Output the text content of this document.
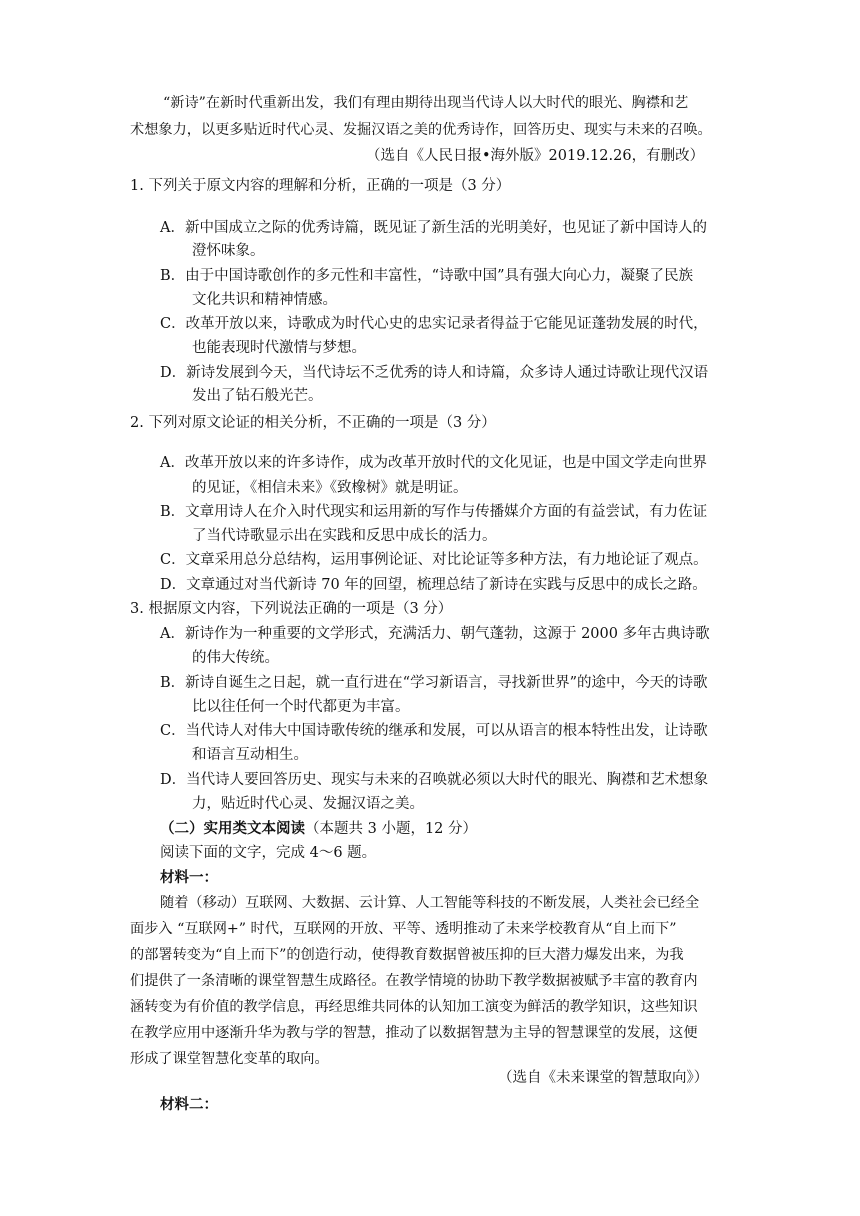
“新诗”在新时代重新出发，我们有理由期待出现当代诗人以大时代的眼光、胸襟和艺
术想象力，以更多贴近时代心灵、发掘汉语之美的优秀诗作，回答历史、现实与未来的召唤。
（选自《人民日报•海外版》2019.12.26，有删改）
1. 下列关于原文内容的理解和分析，正确的一项是（3 分）
A．新中国成立之际的优秀诗篇，既见证了新生活的光明美好，也见证了新中国诗人的
澄怀味象。
B．由于中国诗歌创作的多元性和丰富性，“诗歌中国”具有强大向心力，凝聚了民族
文化共识和精神情感。
C．改革开放以来，诗歌成为时代心史的忠实记录者得益于它能见证蓬勃发展的时代，
也能表现时代激情与梦想。
D．新诗发展到今天，当代诗坛不乏优秀的诗人和诗篇，众多诗人通过诗歌让现代汉语
发出了钻石般光芒。
2. 下列对原文论证的相关分析，不正确的一项是（3 分）
A．改革开放以来的许多诗作，成为改革开放时代的文化见证，也是中国文学走向世界
的见证，《相信未来》《致橡树》就是明证。
B．文章用诗人在介入时代现实和运用新的写作与传播媒介方面的有益尝试，有力佐证
了当代诗歌显示出在实践和反思中成长的活力。
C．文章采用总分总结构，运用事例论证、对比论证等多种方法，有力地论证了观点。
D．文章通过对当代新诗 70 年的回望，梳理总结了新诗在实践与反思中的成长之路。
3. 根据原文内容，下列说法正确的一项是（3 分）
A．新诗作为一种重要的文学形式，充满活力、朝气蓬勃，这源于 2000 多年古典诗歌
的伟大传统。
B．新诗自诞生之日起，就一直行进在“学习新语言，寻找新世界”的途中，今天的诗歌
比以往任何一个时代都更为丰富。
C．当代诗人对伟大中国诗歌传统的继承和发展，可以从语言的根本特性出发，让诗歌
和语言互动相生。
D．当代诗人要回答历史、现实与未来的召唤就必须以大时代的眼光、胸襟和艺术想象
力，贴近时代心灵、发掘汉语之美。
（二）实用类文本阅读（本题共 3 小题，12 分）
阅读下面的文字，完成 4～6 题。
材料一：
随着（移动）互联网、大数据、云计算、人工智能等科技的不断发展，人类社会已经全
面步入 “互联网+” 时代，互联网的开放、平等、透明推动了未来学校教育从“自上而下”
的部署转变为“自上而下”的创造行动，使得教育数据曾被压抑的巨大潜力爆发出来，为我
们提供了一条清晰的课堂智慧生成路径。在教学情境的协助下教学数据被赋予丰富的教育内
涵转变为有价值的教学信息，再经思维共同体的认知加工演变为鲜活的教学知识，这些知识
在教学应用中逐渐升华为教与学的智慧，推动了以数据智慧为主导的智慧课堂的发展，这便
形成了课堂智慧化变革的取向。
（选自《未来课堂的智慧取向》）
材料二：
